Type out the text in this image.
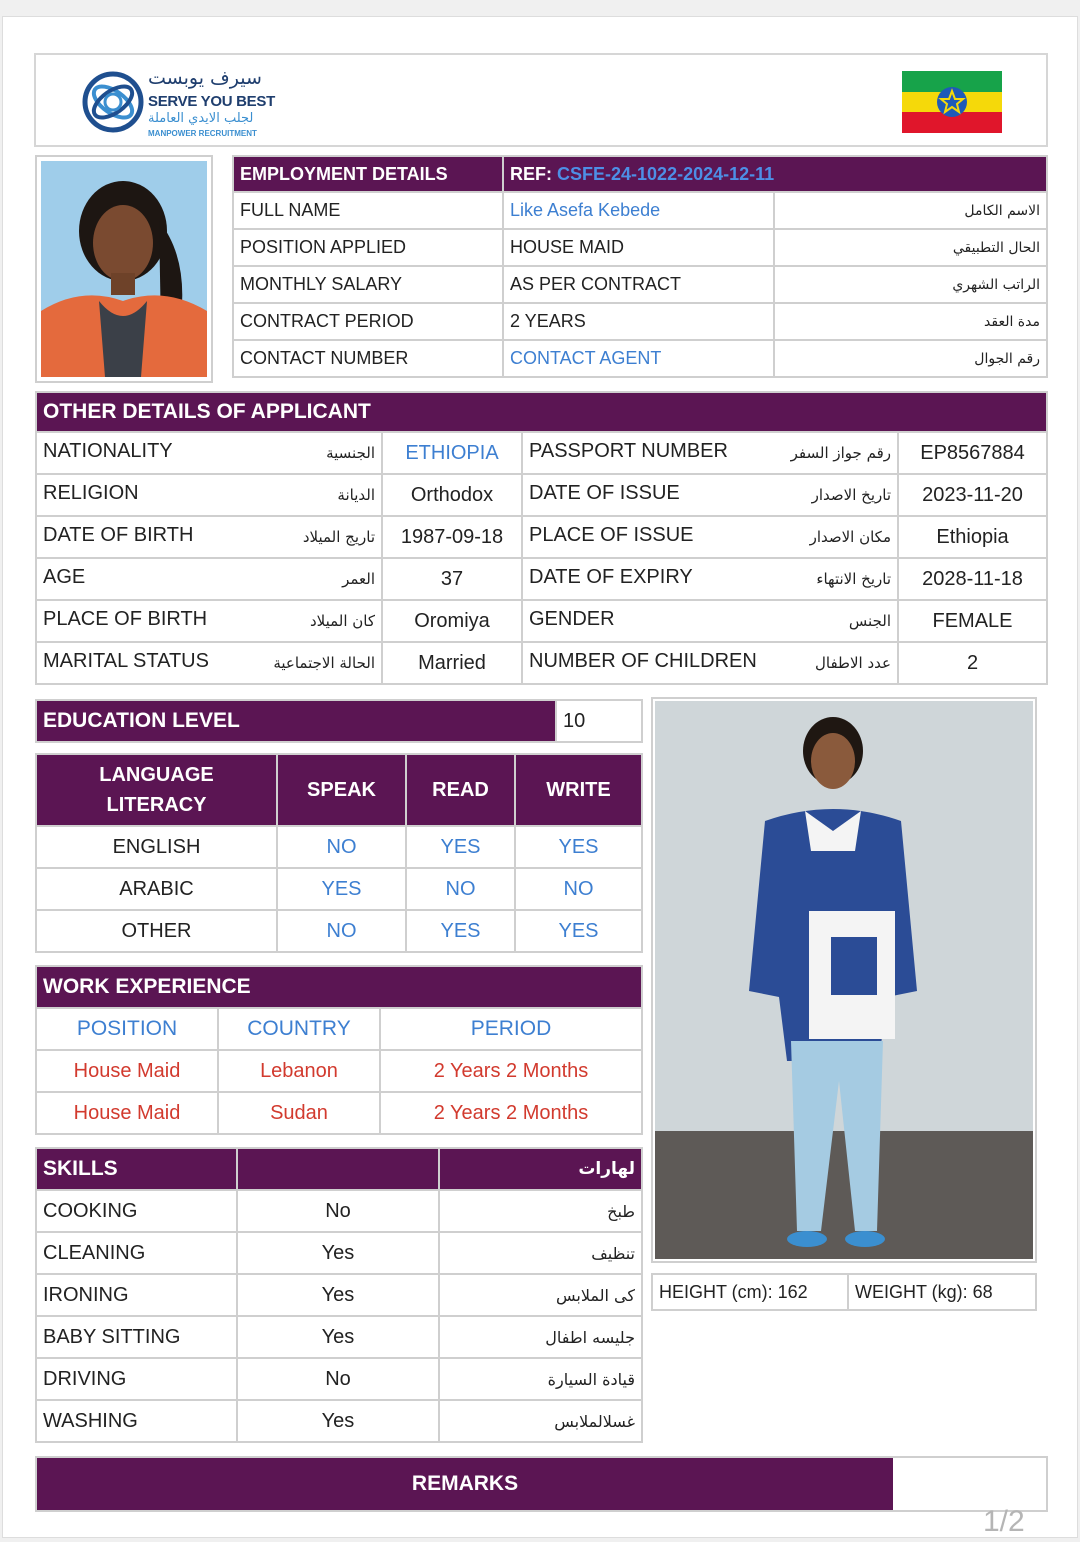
سيرف يوبست
SERVE YOU BEST
لجلب الايدي العاملة
MANPOWER RECRUITMENT
EMPLOYMENT DETAILS	REF: CSFE-24-1022-2024-12-11	
FULL NAME	Like Asefa Kebede	الاسم الكامل
POSITION APPLIED	HOUSE MAID	الحال التطبيقي
MONTHLY SALARY	AS PER CONTRACT	الراتب الشهري
CONTRACT PERIOD	2 YEARS	مدة العقد
CONTACT NUMBER	CONTACT AGENT	رقم الجوال
OTHER DETAILS OF APPLICANT			

NATIONALITY الجنسية	ETHIOPIA	PASSPORT NUMBER رقم جواز السفر	EP8567884

RELIGION الديانة	Orthodox	DATE OF ISSUE تاريخ الاصدار	2023-11-20

DATE OF BIRTH تاريج الميلاد	1987-09-18	PLACE OF ISSUE مكان الاصدار	Ethiopia

AGE العمر	37	DATE OF EXPIRY تاريخ الانتهاء	2028-11-18

PLACE OF BIRTH كان الميلاد	Oromiya	GENDER الجنس	FEMALE

MARITAL STATUS الحالة الاجتماعية	Married	NUMBER OF CHILDREN عدد الاطفال	2
EDUCATION LEVEL	10
LANGUAGE
LITERACY	SPEAK	READ	WRITE
ENGLISH	NO	YES	YES
ARABIC	YES	NO	NO
OTHER	NO	YES	YES
WORK EXPERIENCE		
POSITION	COUNTRY	PERIOD
House Maid	Lebanon	2 Years 2 Months
House Maid	Sudan	2 Years 2 Months
SKILLS		لهارات
COOKING	No	طبخ
CLEANING	Yes	تنظيف
IRONING	Yes	كى الملابس
BABY SITTING	Yes	جليسه اطفال
DRIVING	No	قيادة السيارة
WASHING	Yes	غسلالملابس
HEIGHT (cm): 162	WEIGHT (kg): 68
REMARKS
1/2
